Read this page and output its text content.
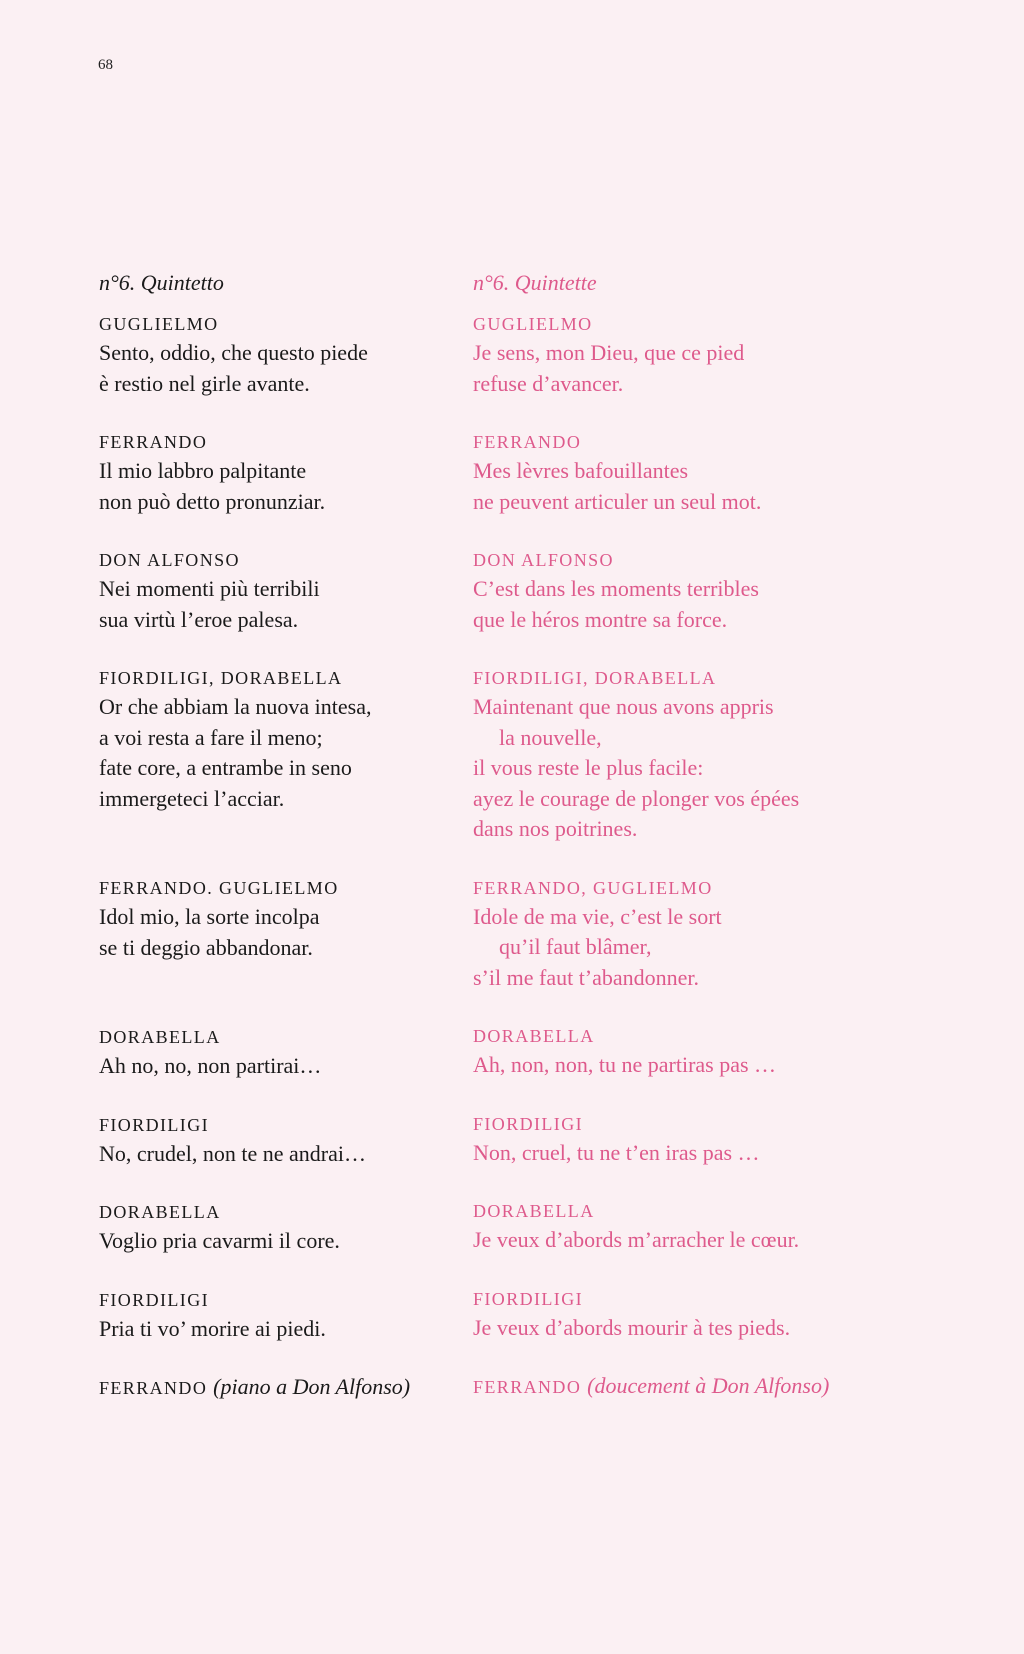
68
n°6. Quintetto
GUGLIELMO
Sento, oddio, che questo piede
è restio nel girle avante.
FERRANDO
Il mio labbro palpitante
non può detto pronunziar.
DON ALFONSO
Nei momenti più terribili
sua virtù l’eroe palesa.
FIORDILIGI, DORABELLA
Or che abbiam la nuova intesa,
a voi resta a fare il meno;
fate core, a entrambe in seno
immergeteci l’acciar.
FERRANDO. GUGLIELMO
Idol mio, la sorte incolpa
se ti deggio abbandonar.
DORABELLA
Ah no, no, non partirai…
FIORDILIGI
No, crudel, non te ne andrai…
DORABELLA
Voglio pria cavarmi il core.
FIORDILIGI
Pria ti vo’ morire ai piedi.
FERRANDO (piano a Don Alfonso)
n°6. Quintette
GUGLIELMO
Je sens, mon Dieu, que ce pied
refuse d’avancer.
FERRANDO
Mes lèvres bafouillantes
ne peuvent articuler un seul mot.
DON ALFONSO
C’est dans les moments terribles
que le héros montre sa force.
FIORDILIGI, DORABELLA
Maintenant que nous avons appris
la nouvelle,
il vous reste le plus facile:
ayez le courage de plonger vos épées
dans nos poitrines.
FERRANDO, GUGLIELMO
Idole de ma vie, c’est le sort
qu’il faut blâmer,
s’il me faut t’abandonner.
DORABELLA
Ah, non, non, tu ne partiras pas …
FIORDILIGI
Non, cruel, tu ne t’en iras pas …
DORABELLA
Je veux d’abords m’arracher le cœur.
FIORDILIGI
Je veux d’abords mourir à tes pieds.
FERRANDO (doucement à Don Alfonso)
